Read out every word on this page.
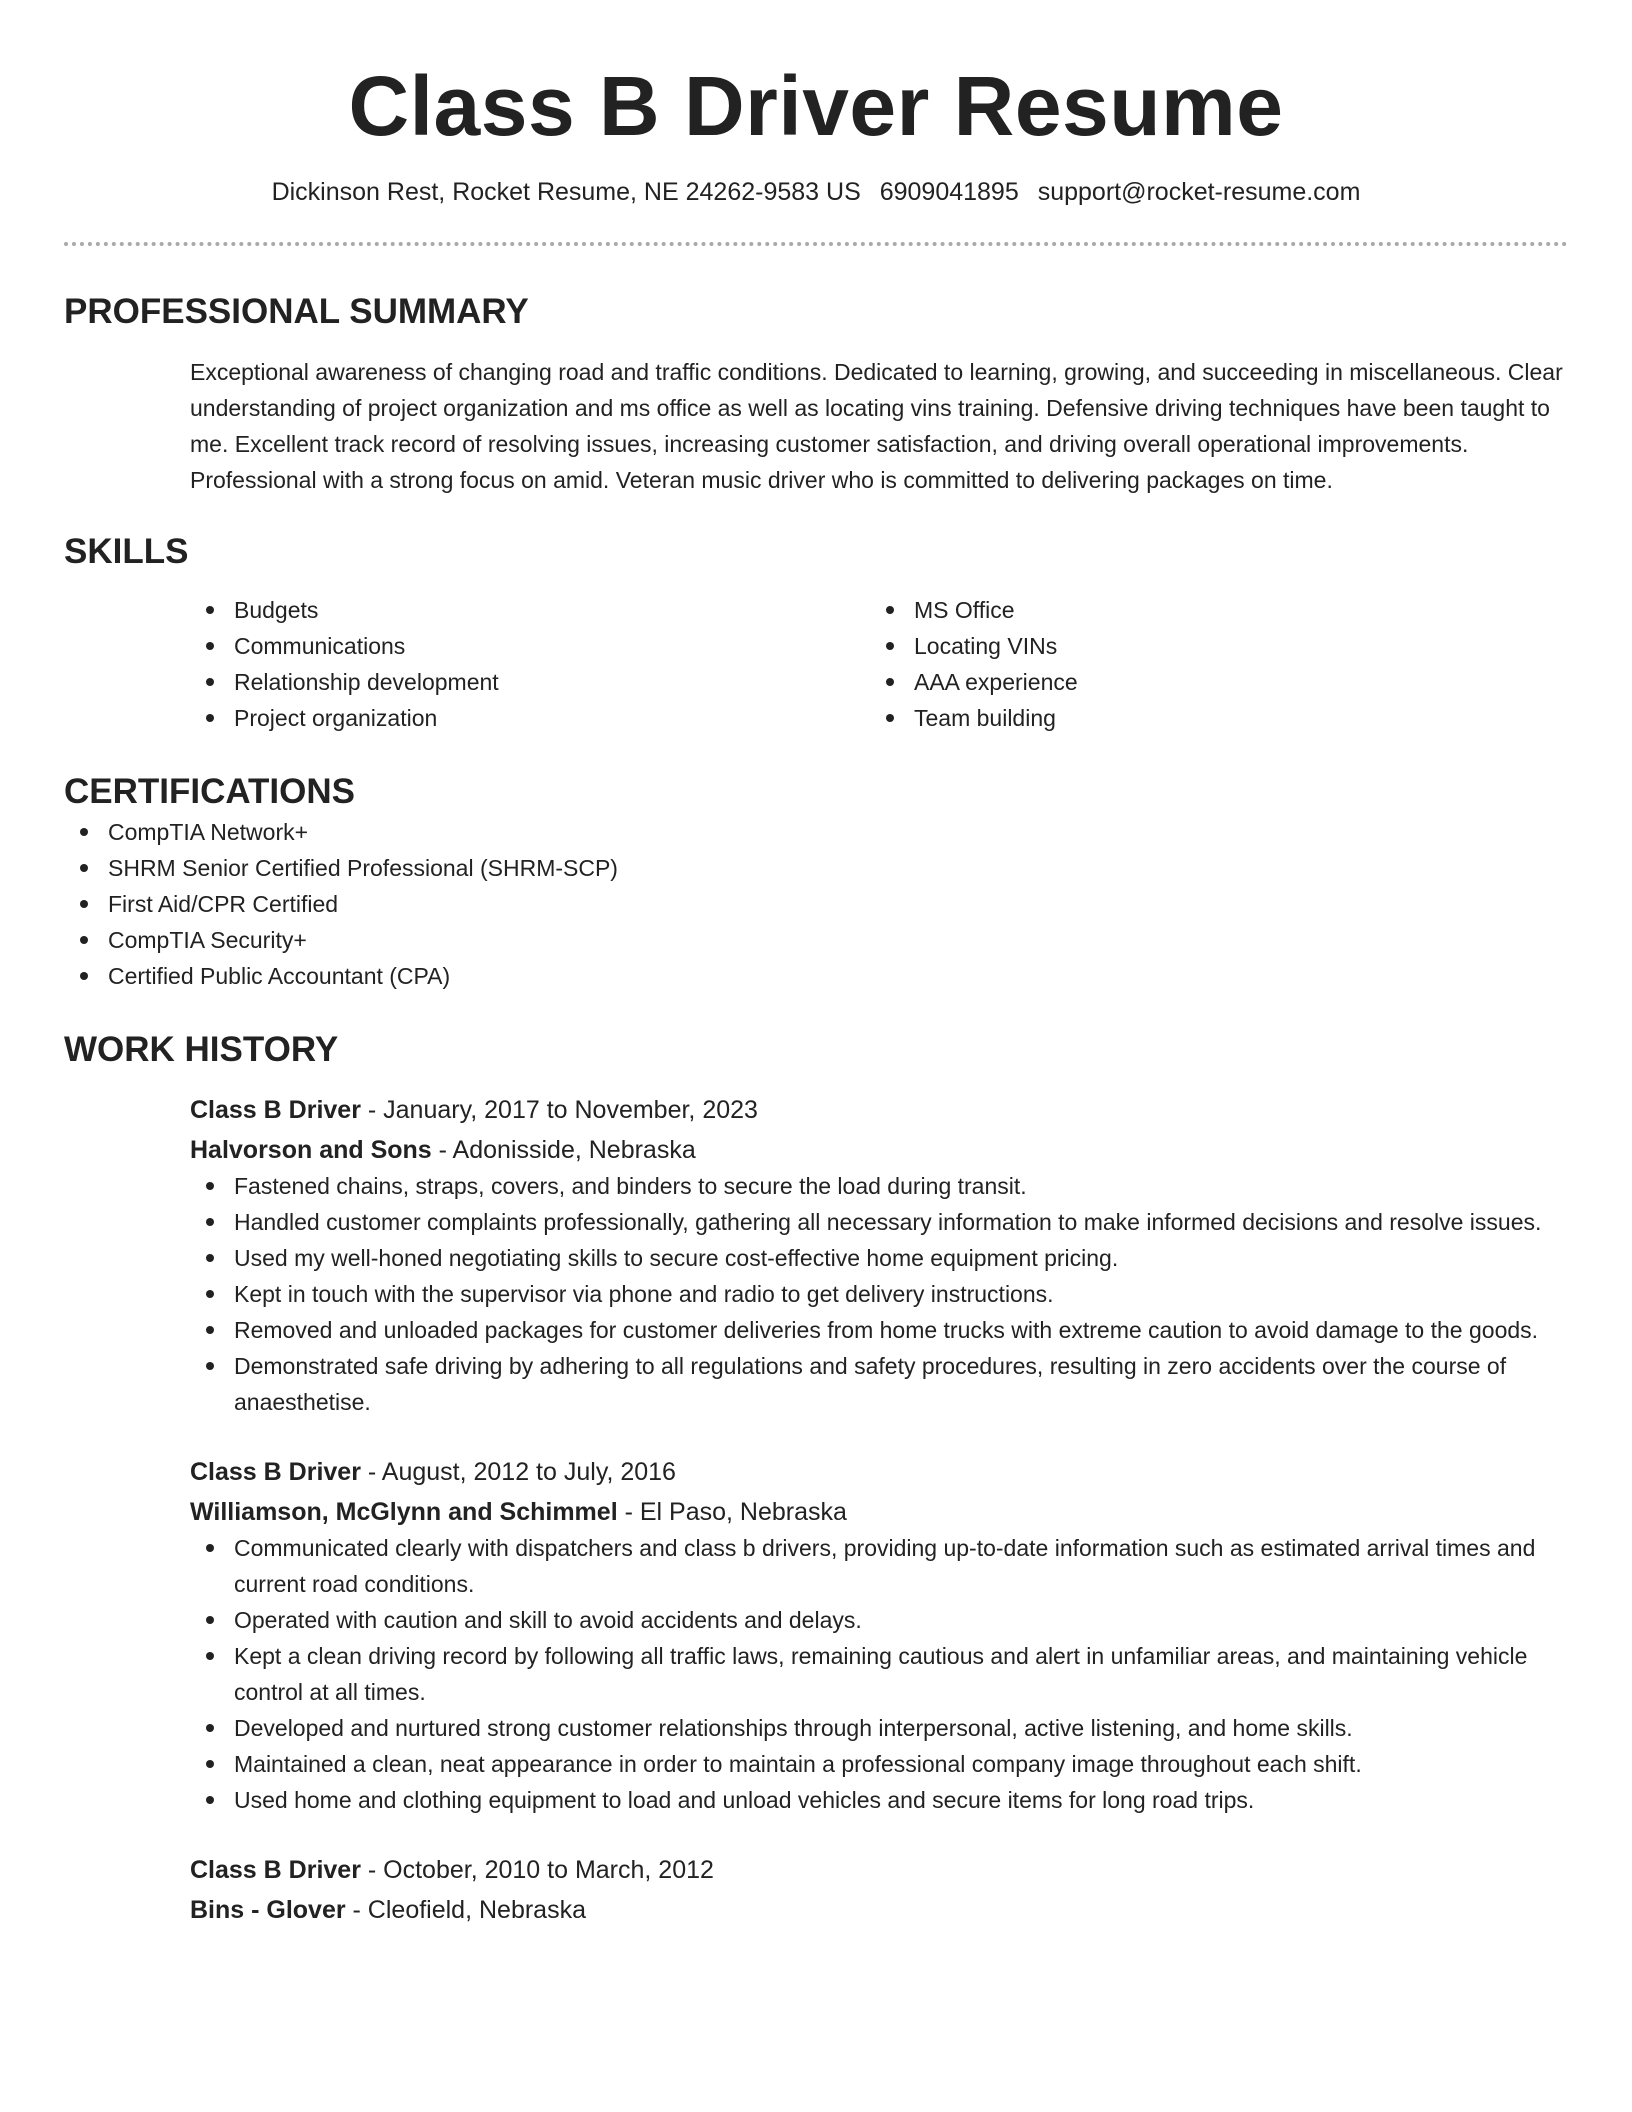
Class B Driver Resume
Dickinson Rest, Rocket Resume, NE 24262-9583 US 6909041895 support@rocket-resume.com
PROFESSIONAL SUMMARY

Exceptional awareness of changing road and traffic conditions. Dedicated to learning, growing, and succeeding in miscellaneous. Clear understanding of project organization and ms office as well as locating vins training. Defensive driving techniques have been taught to me. Excellent track record of resolving issues, increasing customer satisfaction, and driving overall operational improvements. Professional with a strong focus on amid. Veteran music driver who is committed to delivering packages on time.

SKILLS
Budgets
Communications
Relationship development
Project organization
MS Office
Locating VINs
AAA experience
Team building
CERTIFICATIONS
CompTIA Network+
SHRM Senior Certified Professional (SHRM-SCP)
First Aid/CPR Certified
CompTIA Security+
Certified Public Accountant (CPA)
WORK HISTORY
Class B Driver - January, 2017 to November, 2023
Halvorson and Sons - Adonisside, Nebraska
Fastened chains, straps, covers, and binders to secure the load during transit.
Handled customer complaints professionally, gathering all necessary information to make informed decisions and resolve issues.
Used my well-honed negotiating skills to secure cost-effective home equipment pricing.
Kept in touch with the supervisor via phone and radio to get delivery instructions.
Removed and unloaded packages for customer deliveries from home trucks with extreme caution to avoid damage to the goods.
Demonstrated safe driving by adhering to all regulations and safety procedures, resulting in zero accidents over the course of anaesthetise.
Class B Driver - August, 2012 to July, 2016
Williamson, McGlynn and Schimmel - El Paso, Nebraska
Communicated clearly with dispatchers and class b drivers, providing up-to-date information such as estimated arrival times and current road conditions.
Operated with caution and skill to avoid accidents and delays.
Kept a clean driving record by following all traffic laws, remaining cautious and alert in unfamiliar areas, and maintaining vehicle control at all times.
Developed and nurtured strong customer relationships through interpersonal, active listening, and home skills.
Maintained a clean, neat appearance in order to maintain a professional company image throughout each shift.
Used home and clothing equipment to load and unload vehicles and secure items for long road trips.
Class B Driver - October, 2010 to March, 2012
Bins - Glover - Cleofield, Nebraska
